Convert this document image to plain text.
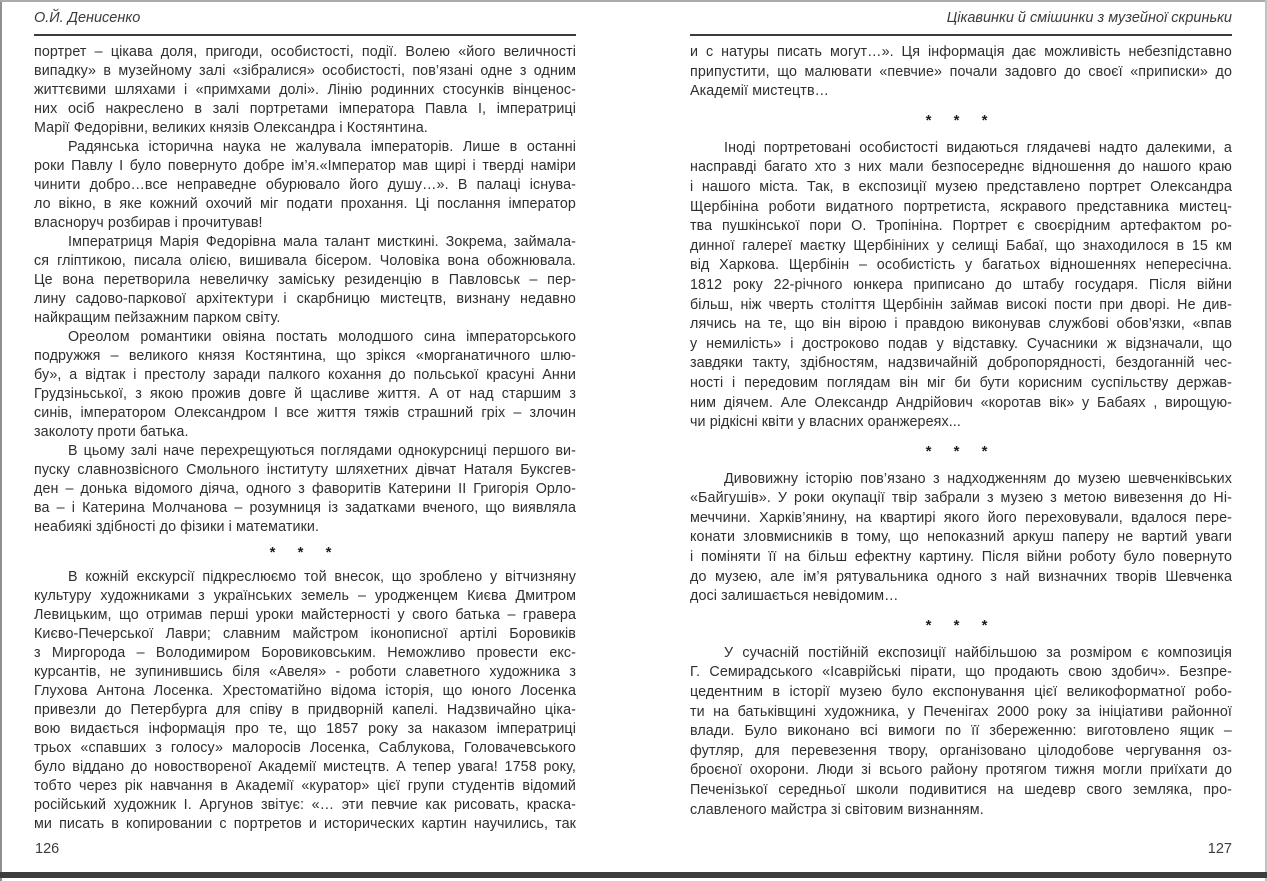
О.Й. Денисенко
портрет – цікава доля, пригоди, особистості, події. Волею «його величності
випадку» в музейному залі «зібралися» особистості, пов’язані одне з одним
життєвими шляхами і «примхами долі». Лінію родинних стосунків вінценос-
них осіб накреслено в залі портретами імператора Павла І, імператриці
Марії Федорівни, великих князів Олександра і Костянтина.
Радянська історична наука не жалувала імператорів. Лише в останні
роки Павлу І було повернуто добре ім’я.«Імператор мав щирі і тверді наміри
чинити добро…все неправедне обурювало його душу…». В палаці існува-
ло вікно, в яке кожний охочий міг подати прохання. Ці послання імператор
власноруч розбирав і прочитував!
Імператриця Марія Федорівна мала талант мисткині. Зокрема, займала-
ся гліптикою, писала олією, вишивала бісером. Чоловіка вона обожнювала.
Це вона перетворила невеличку заміську резиденцію в Павловськ – пер-
лину садово-паркової архітектури і скарбницю мистецтв, визнану недавно
найкращим пейзажним парком світу.
Ореолом романтики овіяна постать молодшого сина імператорського
подружжя – великого князя Костянтина, що зрікся «морганатичного шлю-
бу», а відтак і престолу заради палкого кохання до польської красуні Анни
Грудзіньської, з якою прожив довге й щасливе життя. А от над старшим з
синів, імператором Олександром І все життя тяжів страшний гріх – злочин
заколоту проти батька.
В цьому залі наче перехрещуються поглядами однокурсниці першого ви-
пуску славнозвісного Смольного інституту шляхетних дівчат Наталя Буксгев-
ден – донька відомого діяча, одного з фаворитів Катерини ІІ Григорія Орло-
ва – і Катерина Молчанова – розумниця із задатками вченого, що виявляла
неабиякі здібності до фізики і математики.
* * *
В кожній екскурсії підкреслюємо той внесок, що зроблено у вітчизняну
культуру художниками з українських земель – уродженцем Києва Дмитром
Левицьким, що отримав перші уроки майстерності у свого батька – гравера
Києво-Печерської Лаври; славним майстром іконописної артілі Боровиків
з Миргорода – Володимиром Боровиковським. Неможливо провести екс-
курсантів, не зупинившись біля «Авеля» - роботи славетного художника з
Глухова Антона Лосенка. Хрестоматійно відома історія, що юного Лосенка
привезли до Петербурга для співу в придворній капелі. Надзвичайно ціка-
вою видається інформація про те, що 1857 року за наказом імператриці
трьох «спавших з голосу» малоросів Лосенка, Саблукова, Головачевського
було віддано до новоствореної Академії мистецтв. А тепер увага! 1758 року,
тобто через рік навчання в Академії «куратор» цієї групи студентів відомий
російський художник І. Аргунов звітує: «… эти певчие как рисовать, краска-
ми писать в копировании с портретов и исторических картин научились, так
126
Цікавинки й смішинки з музейної скриньки
и с натуры писать могут…». Ця інформація дає можливість небезпідставно
припустити, що малювати «певчие» почали задовго до своєї «приписки» до
Академії мистецтв…
* * *
Іноді портретовані особистості видаються глядачеві надто далекими, а
насправді багато хто з них мали безпосереднє відношення до нашого краю
і нашого міста. Так, в експозиції музею представлено портрет Олександра
Щербініна роботи видатного портретиста, яскравого представника мистец-
тва пушкінської пори О. Тропініна. Портрет є своєрідним артефактом ро-
динної галереї маєтку Щербініних у селищі Бабаї, що знаходилося в 15 км
від Харкова. Щербінін – особистість у багатьох відношеннях непересічна.
1812 року 22-річного юнкера приписано до штабу государя. Після війни
більш, ніж чверть століття Щербінін займав високі пости при дворі. Не див-
лячись на те, що він вірою і правдою виконував службові обов’язки, «впав
у немилість» і достроково подав у відставку. Сучасники ж відзначали, що
завдяки такту, здібностям, надзвичайній добропорядності, бездоганній чес-
ності і передовим поглядам він міг би бути корисним суспільству держав-
ним діячем. Але Олександр Андрійович «коротав вік» у Бабаях , вирощую-
чи рідкісні квіти у власних оранжереях...
* * *
Дивовижну історію пов’язано з надходженням до музею шевченківських
«Байгушів». У роки окупації твір забрали з музею з метою вивезення до Ні-
меччини. Харків’янину, на квартирі якого його переховували, вдалося пере-
конати зловмисників в тому, що непоказний аркуш паперу не вартий уваги
і поміняти її на більш ефектну картину. Після війни роботу було повернуто
до музею, але ім’я рятувальника одного з най визначних творів Шевченка
досі залишається невідомим…
* * *
У сучасній постійній експозиції найбільшою за розміром є композиція
Г. Семирадського «Ісаврійські пірати, що продають свою здобич». Безпре-
цедентним в історії музею було експонування цієї великоформатної робо-
ти на батьківщині художника, у Печенігах 2000 року за ініціативи районної
влади. Було виконано всі вимоги по її збереженню: виготовлено ящик –
футляр, для перевезення твору, організовано цілодобове чергування оз-
броєної охорони. Люди зі всього району протягом тижня могли приїхати до
Печенізької середньої школи подивитися на шедевр свого земляка, про-
славленого майстра зі світовим визнанням.
127
